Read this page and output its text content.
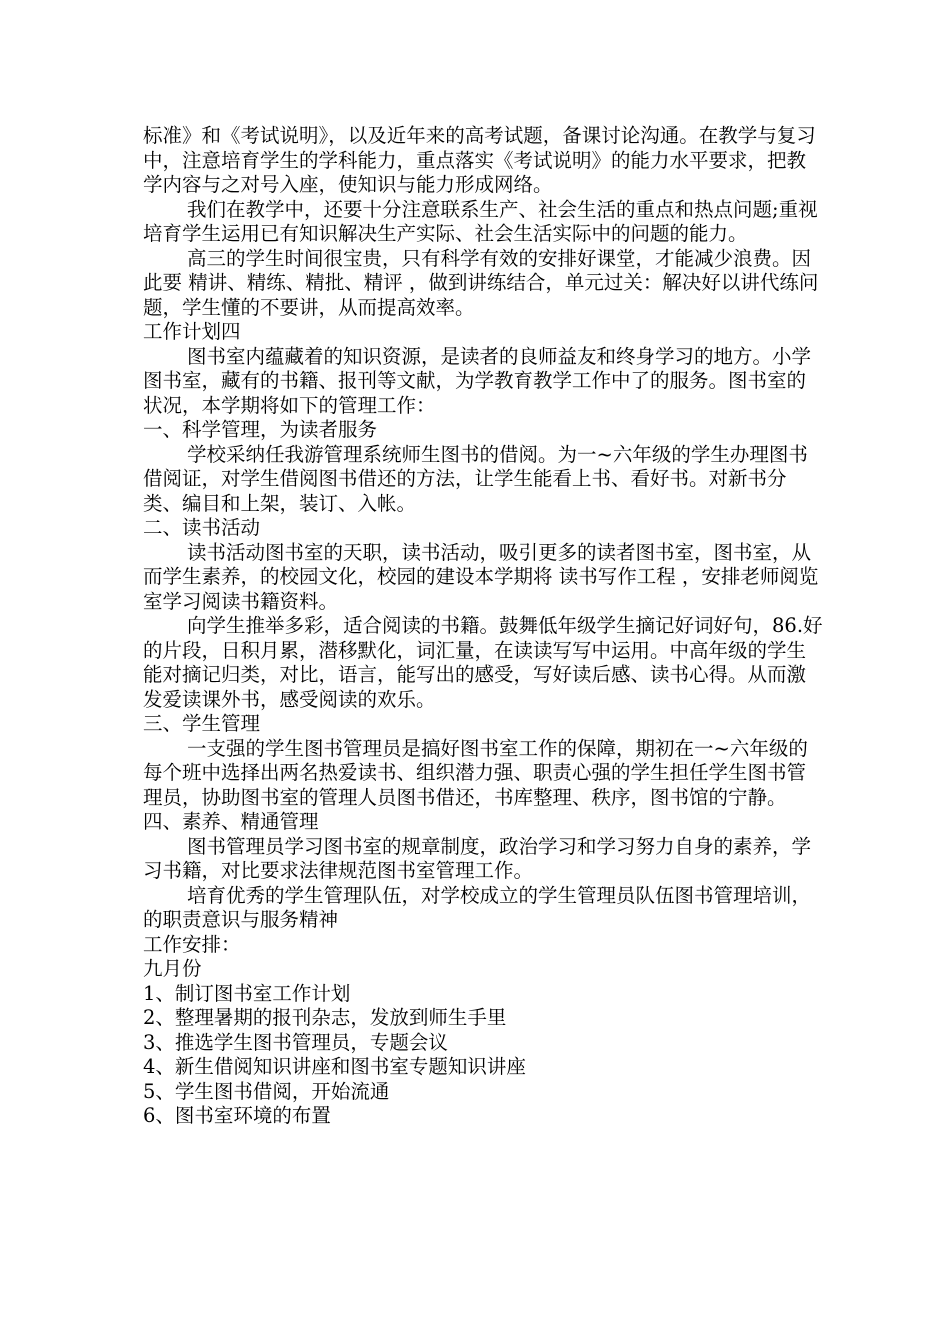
标准》和《考试说明》，以及近年来的高考试题，备课讨论沟通。在教学与复习中，注意培育学生的学科能力，重点落实《考试说明》的能力水平要求，把教学内容与之对号入座，使知识与能力形成网络。

我们在教学中，还要十分注意联系生产、社会生活的重点和热点问题;重视培育学生运用已有知识解决生产实际、社会生活实际中的问题的能力。

高三的学生时间很宝贵，只有科学有效的安排好课堂，才能减少浪费。因此要 精讲、精练、精批、精评 ，做到讲练结合，单元过关：解决好以讲代练问题，学生懂的不要讲，从而提高效率。

工作计划四

图书室内蕴藏着的知识资源，是读者的良师益友和终身学习的地方。小学图书室，藏有的书籍、报刊等文献，为学教育教学工作中了的服务。图书室的状况，本学期将如下的管理工作：

一、科学管理，为读者服务

学校采纳任我游管理系统师生图书的借阅。为一~六年级的学生办理图书借阅证，对学生借阅图书借还的方法，让学生能看上书、看好书。对新书分类、编目和上架，装订、入帐。

二、读书活动

读书活动图书室的天职，读书活动，吸引更多的读者图书室，图书室，从而学生素养，的校园文化，校园的建设本学期将 读书写作工程 ，安排老师阅览室学习阅读书籍资料。

向学生推举多彩，适合阅读的书籍。鼓舞低年级学生摘记好词好句，86.好的片段，日积月累，潜移默化，词汇量，在读读写写中运用。中高年级的学生能对摘记归类，对比，语言，能写出的感受，写好读后感、读书心得。从而激发爱读课外书，感受阅读的欢乐。

三、学生管理

一支强的学生图书管理员是搞好图书室工作的保障，期初在一~六年级的每个班中选择出两名热爱读书、组织潜力强、职责心强的学生担任学生图书管理员，协助图书室的管理人员图书借还，书库整理、秩序，图书馆的宁静。

四、素养、精通管理

图书管理员学习图书室的规章制度，政治学习和学习努力自身的素养，学习书籍，对比要求法律规范图书室管理工作。

培育优秀的学生管理队伍，对学校成立的学生管理员队伍图书管理培训，的职责意识与服务精神

工作安排：

九月份

1、制订图书室工作计划

2、整理暑期的报刊杂志，发放到师生手里

3、推选学生图书管理员，专题会议

4、新生借阅知识讲座和图书室专题知识讲座

5、学生图书借阅，开始流通

6、图书室环境的布置
